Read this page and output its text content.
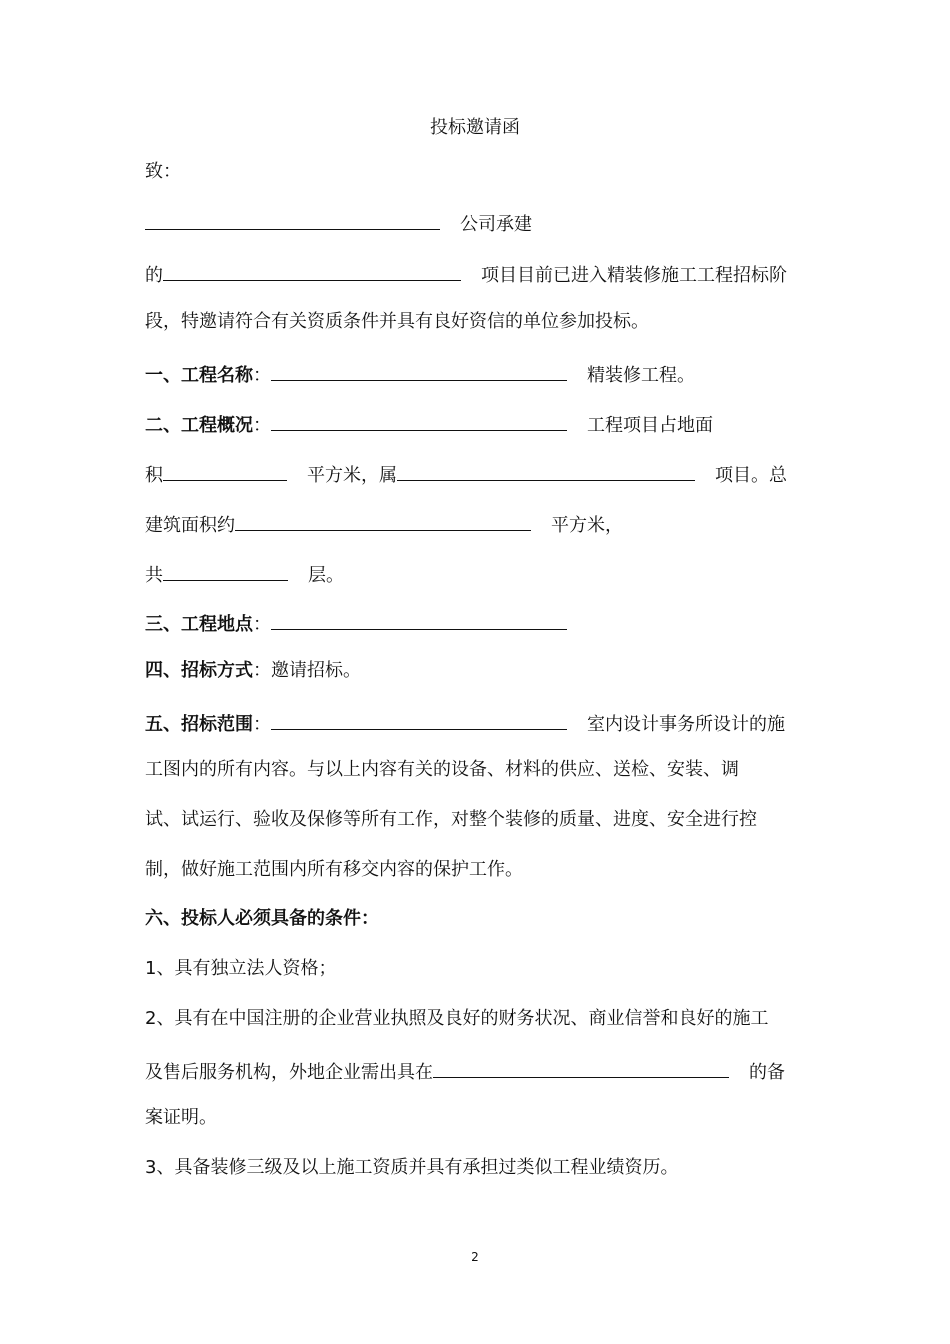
投标邀请函
致：
公司承建
的	项目目前已进入精装修施工工程招标阶
段，特邀请符合有关资质条件并具有良好资信的单位参加投标。
一、工程名称：	精装修工程。
二、工程概况：	工程项目占地面
积	平方米，属	项目。总
建筑面积约	平方米，
共	层。
三、工程地点：
四、招标方式：邀请招标。
五、招标范围：	室内设计事务所设计的施
工图内的所有内容。与以上内容有关的设备、材料的供应、送检、安装、调
试、试运行、验收及保修等所有工作，对整个装修的质量、进度、安全进行控
制，做好施工范围内所有移交内容的保护工作。
六、投标人必须具备的条件：
1、具有独立法人资格；
2、具有在中国注册的企业营业执照及良好的财务状况、商业信誉和良好的施工
及售后服务机构，外地企业需出具在	的备
案证明。
3、具备装修三级及以上施工资质并具有承担过类似工程业绩资历。
2
